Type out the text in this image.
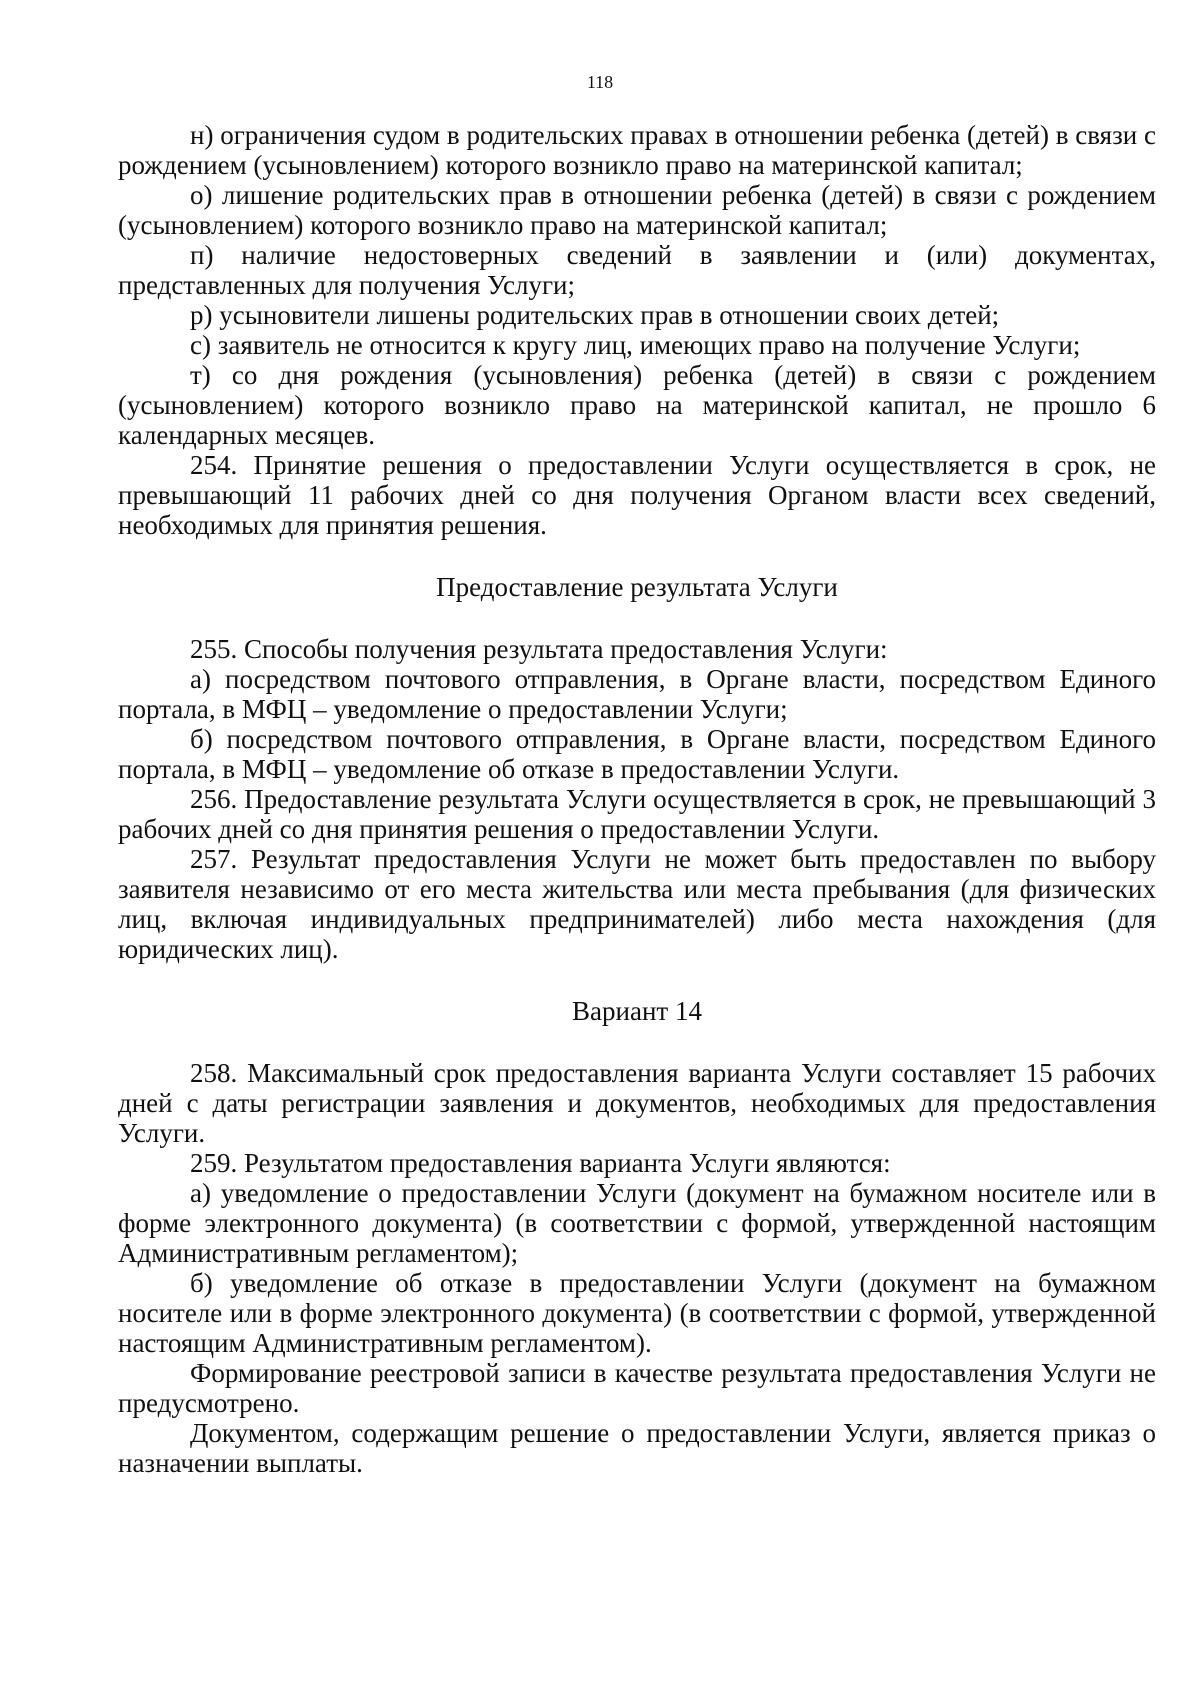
118

н) ограничения судом в родительских правах в отношении ребенка (детей) в связи с рождением (усыновлением) которого возникло право на материнской капитал;

о) лишение родительских прав в отношении ребенка (детей) в связи с рождением (усыновлением) которого возникло право на материнской капитал;

п) наличие недостоверных сведений в заявлении и (или) документах, представленных для получения Услуги;

р) усыновители лишены родительских прав в отношении своих детей;

с) заявитель не относится к кругу лиц, имеющих право на получение Услуги;

т) со дня рождения (усыновления) ребенка (детей) в связи с рождением (усыновлением) которого возникло право на материнской капитал, не прошло 6 календарных месяцев.

254. Принятие решения о предоставлении Услуги осуществляется в срок, не превышающий 11 рабочих дней со дня получения Органом власти всех сведений, необходимых для принятия решения.

Предоставление результата Услуги

255. Способы получения результата предоставления Услуги:

а) посредством почтового отправления, в Органе власти, посредством Единого портала, в МФЦ – уведомление о предоставлении Услуги;

б) посредством почтового отправления, в Органе власти, посредством Единого портала, в МФЦ – уведомление об отказе в предоставлении Услуги.

256. Предоставление результата Услуги осуществляется в срок, не превышающий 3 рабочих дней со дня принятия решения о предоставлении Услуги.

257. Результат предоставления Услуги не может быть предоставлен по выбору заявителя независимо от его места жительства или места пребывания (для физических лиц, включая индивидуальных предпринимателей) либо места нахождения (для юридических лиц).

Вариант 14

258. Максимальный срок предоставления варианта Услуги составляет 15 рабочих дней с даты регистрации заявления и документов, необходимых для предоставления Услуги.

259. Результатом предоставления варианта Услуги являются:

а) уведомление о предоставлении Услуги (документ на бумажном носителе или в форме электронного документа) (в соответствии с формой, утвержденной настоящим Административным регламентом);

б) уведомление об отказе в предоставлении Услуги (документ на бумажном носителе или в форме электронного документа) (в соответствии с формой, утвержденной настоящим Административным регламентом).

Формирование реестровой записи в качестве результата предоставления Услуги не предусмотрено.

Документом, содержащим решение о предоставлении Услуги, является приказ о назначении выплаты.
